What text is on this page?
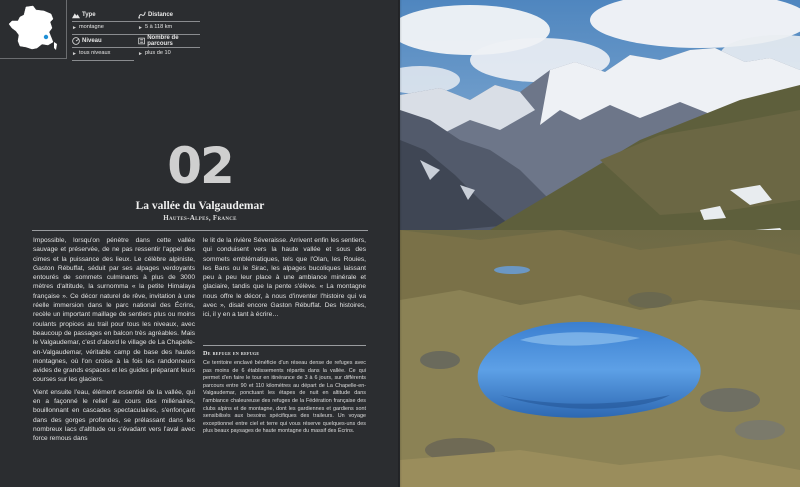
Type	Distance
► montagne	► 5 à 118 km
Niveau	Nombre de parcours
► tous niveaux	► plus de 10
02
La vallée du Valgaudemar
Hautes-Alpes, France

Impossible, lorsqu'on pénètre dans cette vallée sauvage et préservée, de ne pas ressentir l'appel des cimes et la puissance des lieux. Le célèbre alpiniste, Gaston Rébuffat, séduit par ses alpages verdoyants entourés de sommets culminants à plus de 3000 mètres d'altitude, la surnomma « la petite Himalaya française ». Ce décor naturel de rêve, invitation à une réelle immersion dans le parc national des Écrins, recèle un important maillage de sentiers plus ou moins roulants propices au trail pour tous les niveaux, avec beaucoup de passages en balcon très agréables. Mais le Valgaudemar, c'est d'abord le village de La Chapelle-en-Valgaudemar, véritable camp de base des hautes montagnes, où l'on croise à la fois les randonneurs avides de grands espaces et les guides préparant leurs courses sur les glaciers.

Vient ensuite l'eau, élément essentiel de la vallée, qui en a façonné le relief au cours des millénaires, bouillonnant en cascades spectaculaires, s'enfonçant dans des gorges profondes, se prélassant dans les nombreux lacs d'altitude ou s'évadant vers l'aval avec force remous dans

le lit de la rivière Séveraisse. Arrivent enfin les sentiers, qui conduisent vers la haute vallée et sous des sommets emblématiques, tels que l'Olan, les Rouies, les Bans ou le Sirac, les alpages bucoliques laissant peu à peu leur place à une ambiance minérale et glaciaire, tandis que la pente s'élève. « La montagne nous offre le décor, à nous d'inventer l'histoire qui va avec », disait encore Gaston Rébuffat. Des histoires, ici, il y en a tant à écrire…

De refuge en refuge
Ce territoire enclavé bénéficie d'un réseau dense de refuges avec pas moins de 6 établissements répartis dans la vallée. Ce qui permet d'en faire le tour en itinérance de 3 à 6 jours, sur différents parcours entre 90 et 110 kilomètres au départ de La Chapelle-en-Valgaudemar, ponctuant les étapes de nuit en altitude dans l'ambiance chaleureuse des refuges de la Fédération française des clubs alpins et de montagne, dont les gardiennes et gardiens sont sensibilisés aux besoins spécifiques des traileurs. Un voyage exceptionnel entre ciel et terre qui vous réserve quelques-uns des plus beaux paysages de haute montagne du massif des Écrins.
